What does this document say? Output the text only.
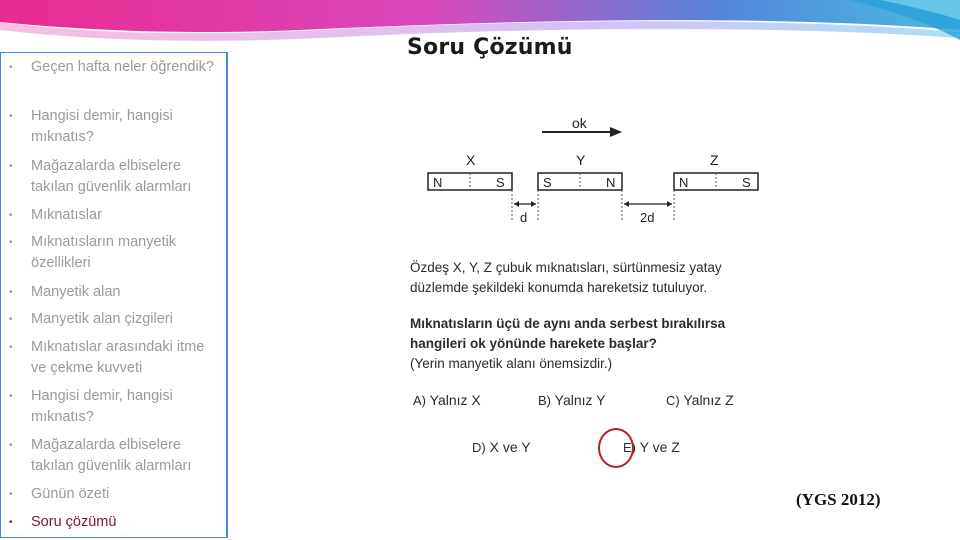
• Geçen hafta neler öğrendik?
• Hangisi demir, hangisi mıknatıs?
• Mağazalarda elbiselere takılan güvenlik alarmları
• Mıknatıslar
• Mıknatısların manyetik özellikleri
• Manyetik alan
• Manyetik alan çizgileri
• Mıknatıslar arasındaki itme ve çekme kuvveti
• Hangisi demir, hangisi mıknatıs?
• Mağazalarda elbiselere takılan güvenlik alarmları
• Günün özeti
• Soru çözümü
Soru Çözümü
ok
X	Y	Z
N	S	S	N	N	S
d	2d
Özdeş X, Y, Z çubuk mıknatısları, sürtünmesiz yatay
düzlemde şekildeki konumda hareketsiz tutuluyor.
Mıknatısların üçü de aynı anda serbest bırakılırsa
hangileri ok yönünde harekete başlar?
(Yerin manyetik alanı önemsizdir.)
A) Yalnız X	B) Yalnız Y	C) Yalnız Z
D) X ve Y	E) Y ve Z
(YGS 2012)
